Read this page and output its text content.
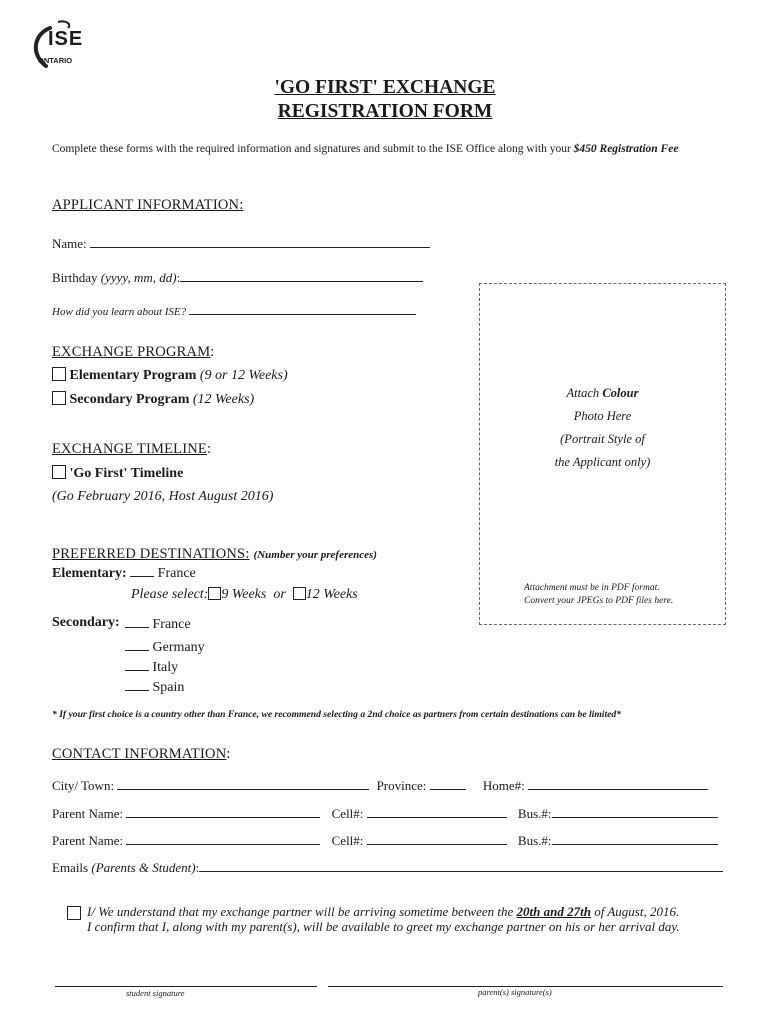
ISE
ONTARIO
'GO FIRST' EXCHANGE
REGISTRATION FORM
Complete these forms with the required information and signatures and submit to the ISE Office along with your $450 Registration Fee
APPLICANT INFORMATION:
Name:
Birthday (yyyy, mm, dd):
How did you learn about ISE?
Attach Colour
Photo Here
(Portrait Style of
the Applicant only)
Attachment must be in PDF format.
Convert your JPEGs to PDF files here.
EXCHANGE PROGRAM:
Elementary Program (9 or 12 Weeks)
Secondary Program (12 Weeks)
EXCHANGE TIMELINE:
'Go First' Timeline
(Go February 2016, Host August 2016)
PREFERRED DESTINATIONS: (Number your preferences)
Elementary: France
Please select: 9 Weeks or 12 Weeks
Secondary:	France
Germany
Italy
Spain
* If your first choice is a country other than France, we recommend selecting a 2nd choice as partners from certain destinations can be limited*
CONTACT INFORMATION:
City/ Town:	Province:	Home#:
Parent Name:	Cell#:	Bus.#:
Parent Name:	Cell#:	Bus.#:
Emails (Parents & Student):
I/ We understand that my exchange partner will be arriving sometime between the 20th and 27th of August, 2016.
I confirm that I, along with my parent(s), will be available to greet my exchange partner on his or her arrival day.
student signature	parent(s) signature(s)
